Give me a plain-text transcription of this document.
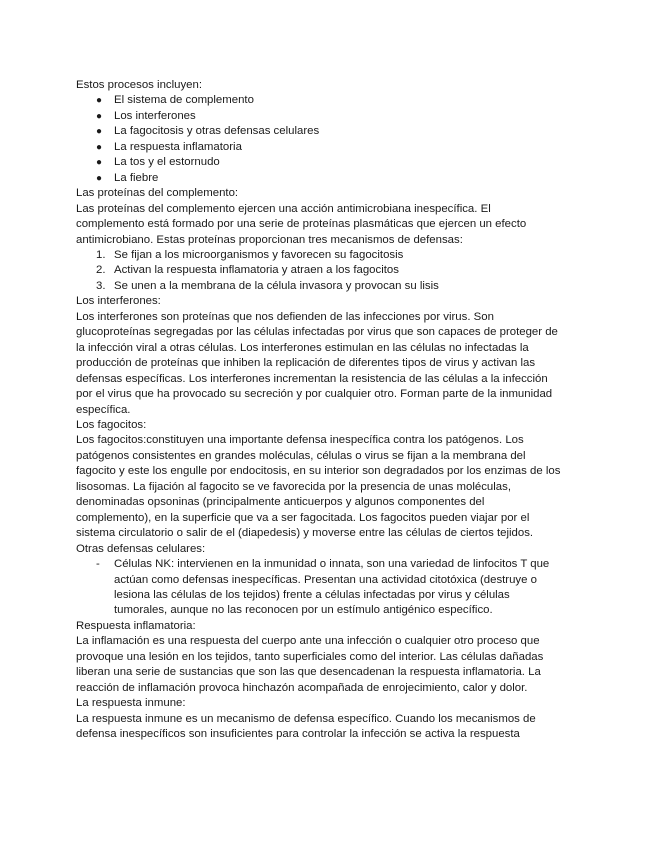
Estos procesos incluyen:
● El sistema de complemento
● Los interferones
● La fagocitosis y otras defensas celulares
● La respuesta inflamatoria
● La tos y el estornudo
● La fiebre
Las proteínas del complemento:
Las proteínas del complemento ejercen una acción antimicrobiana inespecífica. El
complemento está formado por una serie de proteínas plasmáticas que ejercen un efecto
antimicrobiano. Estas proteínas proporcionan tres mecanismos de defensas:
1. Se fijan a los microorganismos y favorecen su fagocitosis
2. Activan la respuesta inflamatoria y atraen a los fagocitos
3. Se unen a la membrana de la célula invasora y provocan su lisis
Los interferones:
Los interferones son proteínas que nos defienden de las infecciones por virus. Son
glucoproteínas segregadas por las células infectadas por virus que son capaces de proteger de
la infección viral a otras células. Los interferones estimulan en las células no infectadas la
producción de proteínas que inhiben la replicación de diferentes tipos de virus y activan las
defensas específicas. Los interferones incrementan la resistencia de las células a la infección
por el virus que ha provocado su secreción y por cualquier otro. Forman parte de la inmunidad
específica.
Los fagocitos:
Los fagocitos:constituyen una importante defensa inespecífica contra los patógenos. Los
patógenos consistentes en grandes moléculas, células o virus se fijan a la membrana del
fagocito y este los engulle por endocitosis, en su interior son degradados por los enzimas de los
lisosomas. La fijación al fagocito se ve favorecida por la presencia de unas moléculas,
denominadas opsoninas (principalmente anticuerpos y algunos componentes del
complemento), en la superficie que va a ser fagocitada. Los fagocitos pueden viajar por el
sistema circulatorio o salir de el (diapedesis) y moverse entre las células de ciertos tejidos.
Otras defensas celulares:
- Células NK: intervienen en la inmunidad o innata, son una variedad de linfocitos T que
actúan como defensas inespecíficas. Presentan una actividad citotóxica (destruye o
lesiona las células de los tejidos) frente a células infectadas por virus y células
tumorales, aunque no las reconocen por un estímulo antigénico específico.
Respuesta inflamatoria:
La inflamación es una respuesta del cuerpo ante una infección o cualquier otro proceso que
provoque una lesión en los tejidos, tanto superficiales como del interior. Las células dañadas
liberan una serie de sustancias que son las que desencadenan la respuesta inflamatoria. La
reacción de inflamación provoca hinchazón acompañada de enrojecimiento, calor y dolor.
La respuesta inmune:
La respuesta inmune es un mecanismo de defensa específico. Cuando los mecanismos de
defensa inespecíficos son insuficientes para controlar la infección se activa la respuesta
